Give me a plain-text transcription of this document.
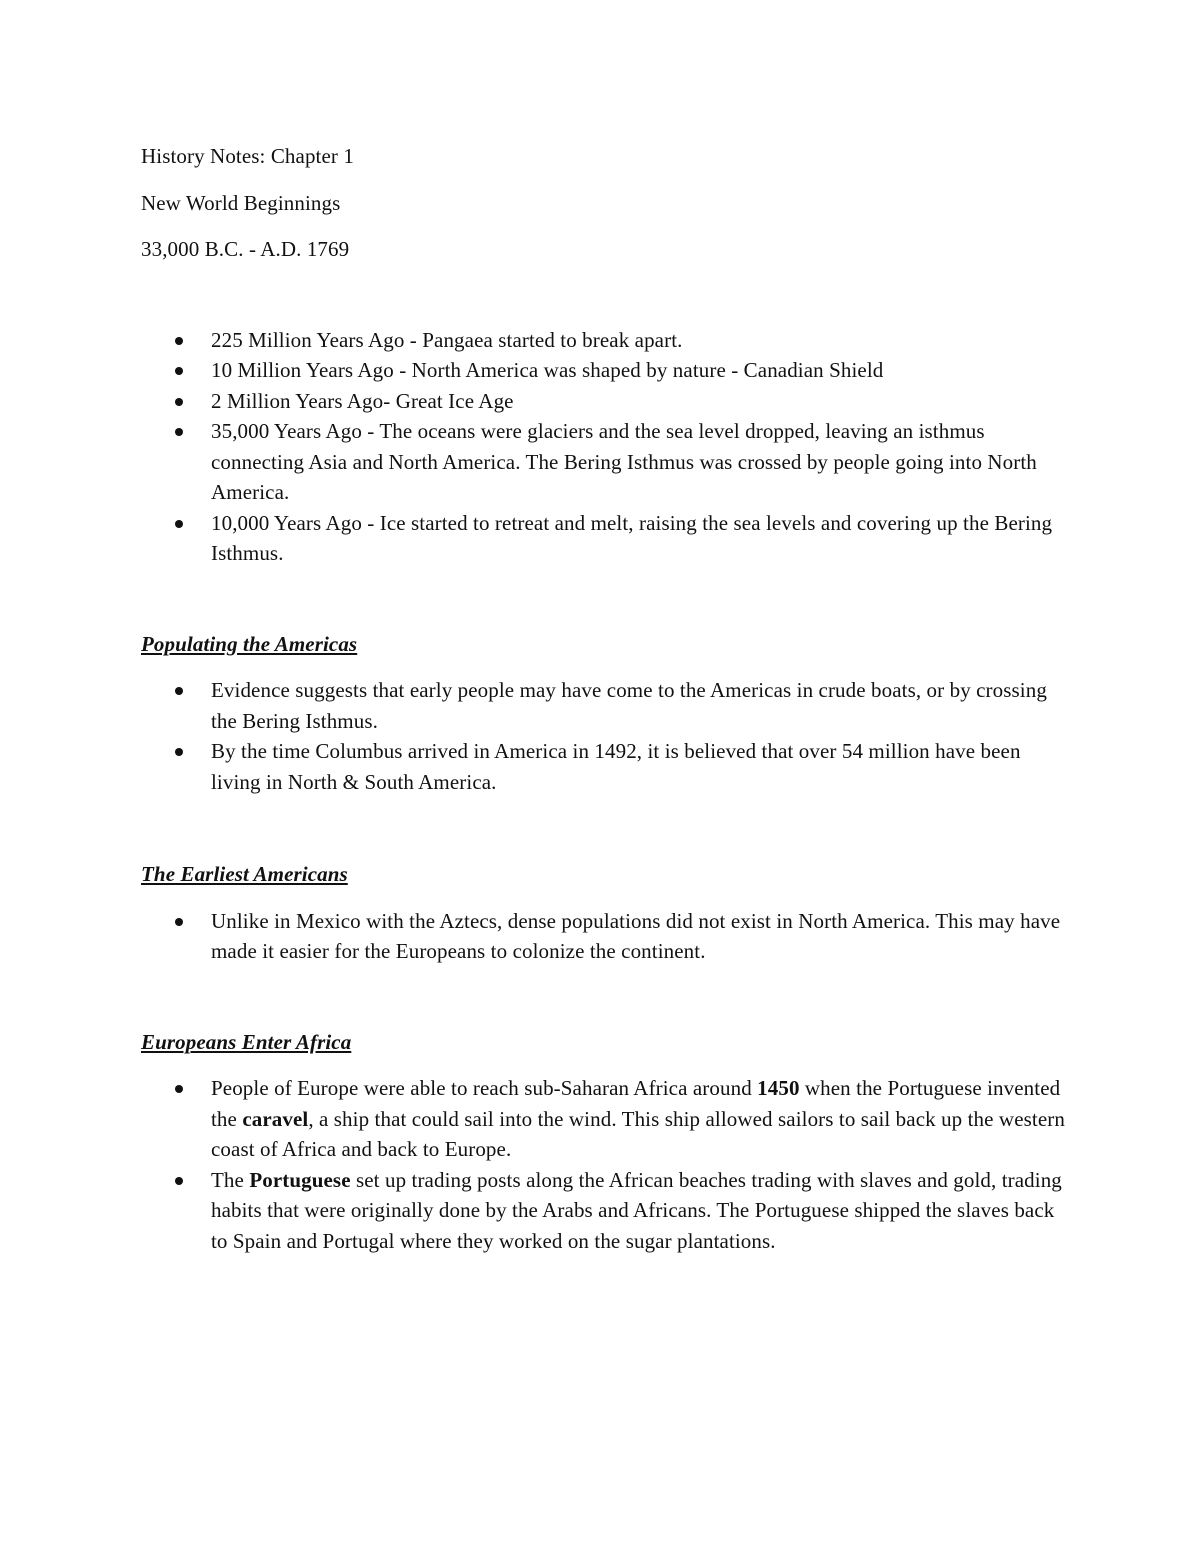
History Notes: Chapter 1
New World Beginnings
33,000 B.C. - A.D. 1769
225 Million Years Ago - Pangaea started to break apart.
10 Million Years Ago - North America was shaped by nature - Canadian Shield
2 Million Years Ago- Great Ice Age
35,000 Years Ago - The oceans were glaciers and the sea level dropped, leaving an isthmus connecting Asia and North America. The Bering Isthmus was crossed by people going into North America.
10,000 Years Ago - Ice started to retreat and melt, raising the sea levels and covering up the Bering Isthmus.
Populating the Americas
Evidence suggests that early people may have come to the Americas in crude boats, or by crossing the Bering Isthmus.
By the time Columbus arrived in America in 1492, it is believed that over 54 million have been living in North & South America.
The Earliest Americans
Unlike in Mexico with the Aztecs, dense populations did not exist in North America. This may have made it easier for the Europeans to colonize the continent.
Europeans Enter Africa
People of Europe were able to reach sub-Saharan Africa around 1450 when the Portuguese invented the caravel, a ship that could sail into the wind. This ship allowed sailors to sail back up the western coast of Africa and back to Europe.
The Portuguese set up trading posts along the African beaches trading with slaves and gold, trading habits that were originally done by the Arabs and Africans. The Portuguese shipped the slaves back to Spain and Portugal where they worked on the sugar plantations.
